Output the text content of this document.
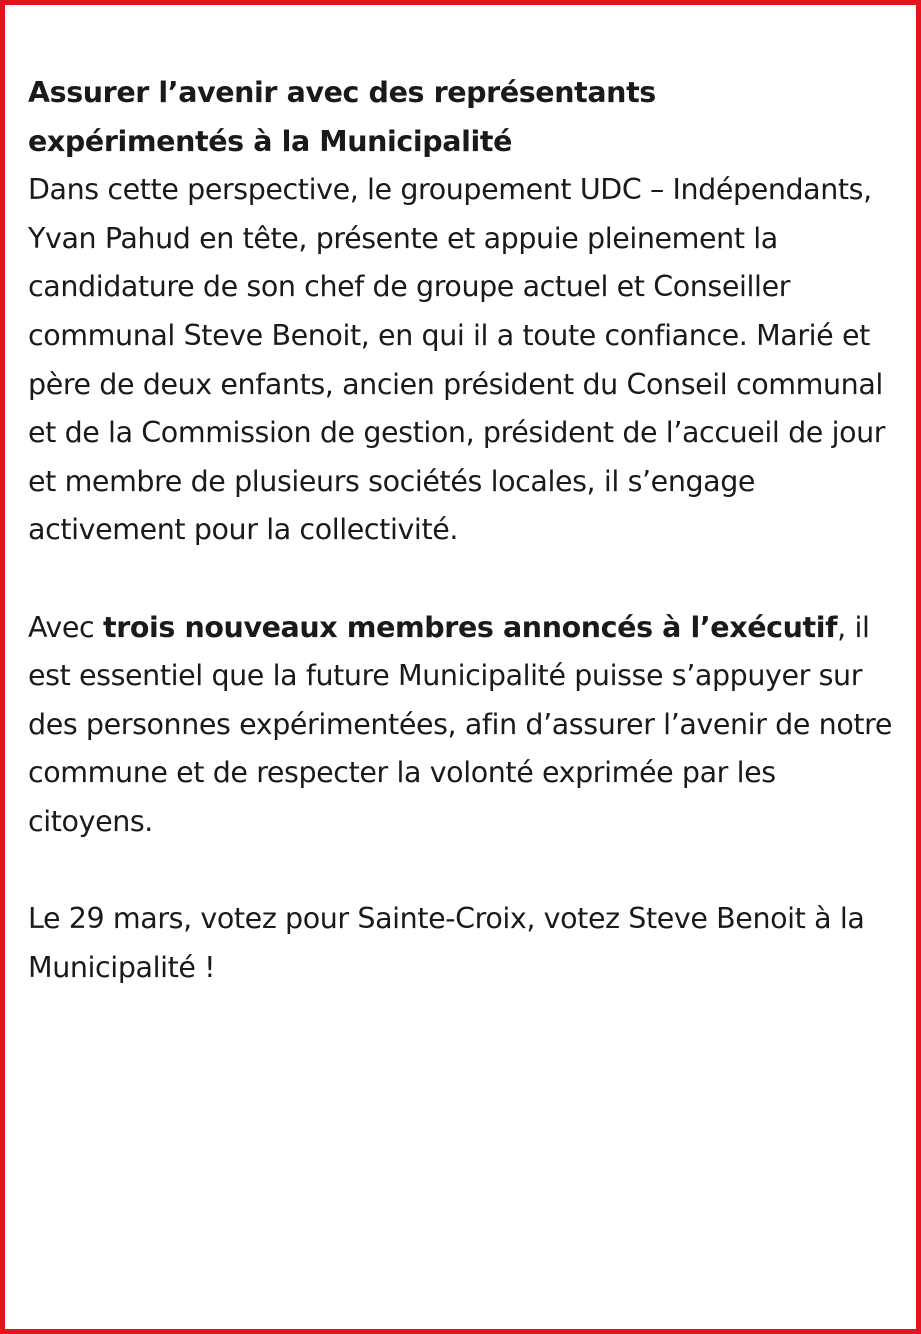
Assurer l’avenir avec des représentants
expérimentés à la Municipalité

Dans cette perspective, le groupement UDC – Indépendants, Yvan Pahud en tête, présente et appuie pleinement la candidature de son chef de groupe actuel et Conseiller communal Steve Benoit, en qui il a toute confiance. Marié et père de deux enfants, ancien président du Conseil communal et de la Commission de gestion, président de l’accueil de jour et membre de plusieurs sociétés locales, il s’engage activement pour la collectivité.

Avec trois nouveaux membres annoncés à l’exécutif, il est essentiel que la future Municipalité puisse s’appuyer sur des personnes expérimentées, afin d’assurer l’avenir de notre commune et de respecter la volonté exprimée par les citoyens.

Le 29 mars, votez pour Sainte-Croix, votez Steve Benoit à la Municipalité !
